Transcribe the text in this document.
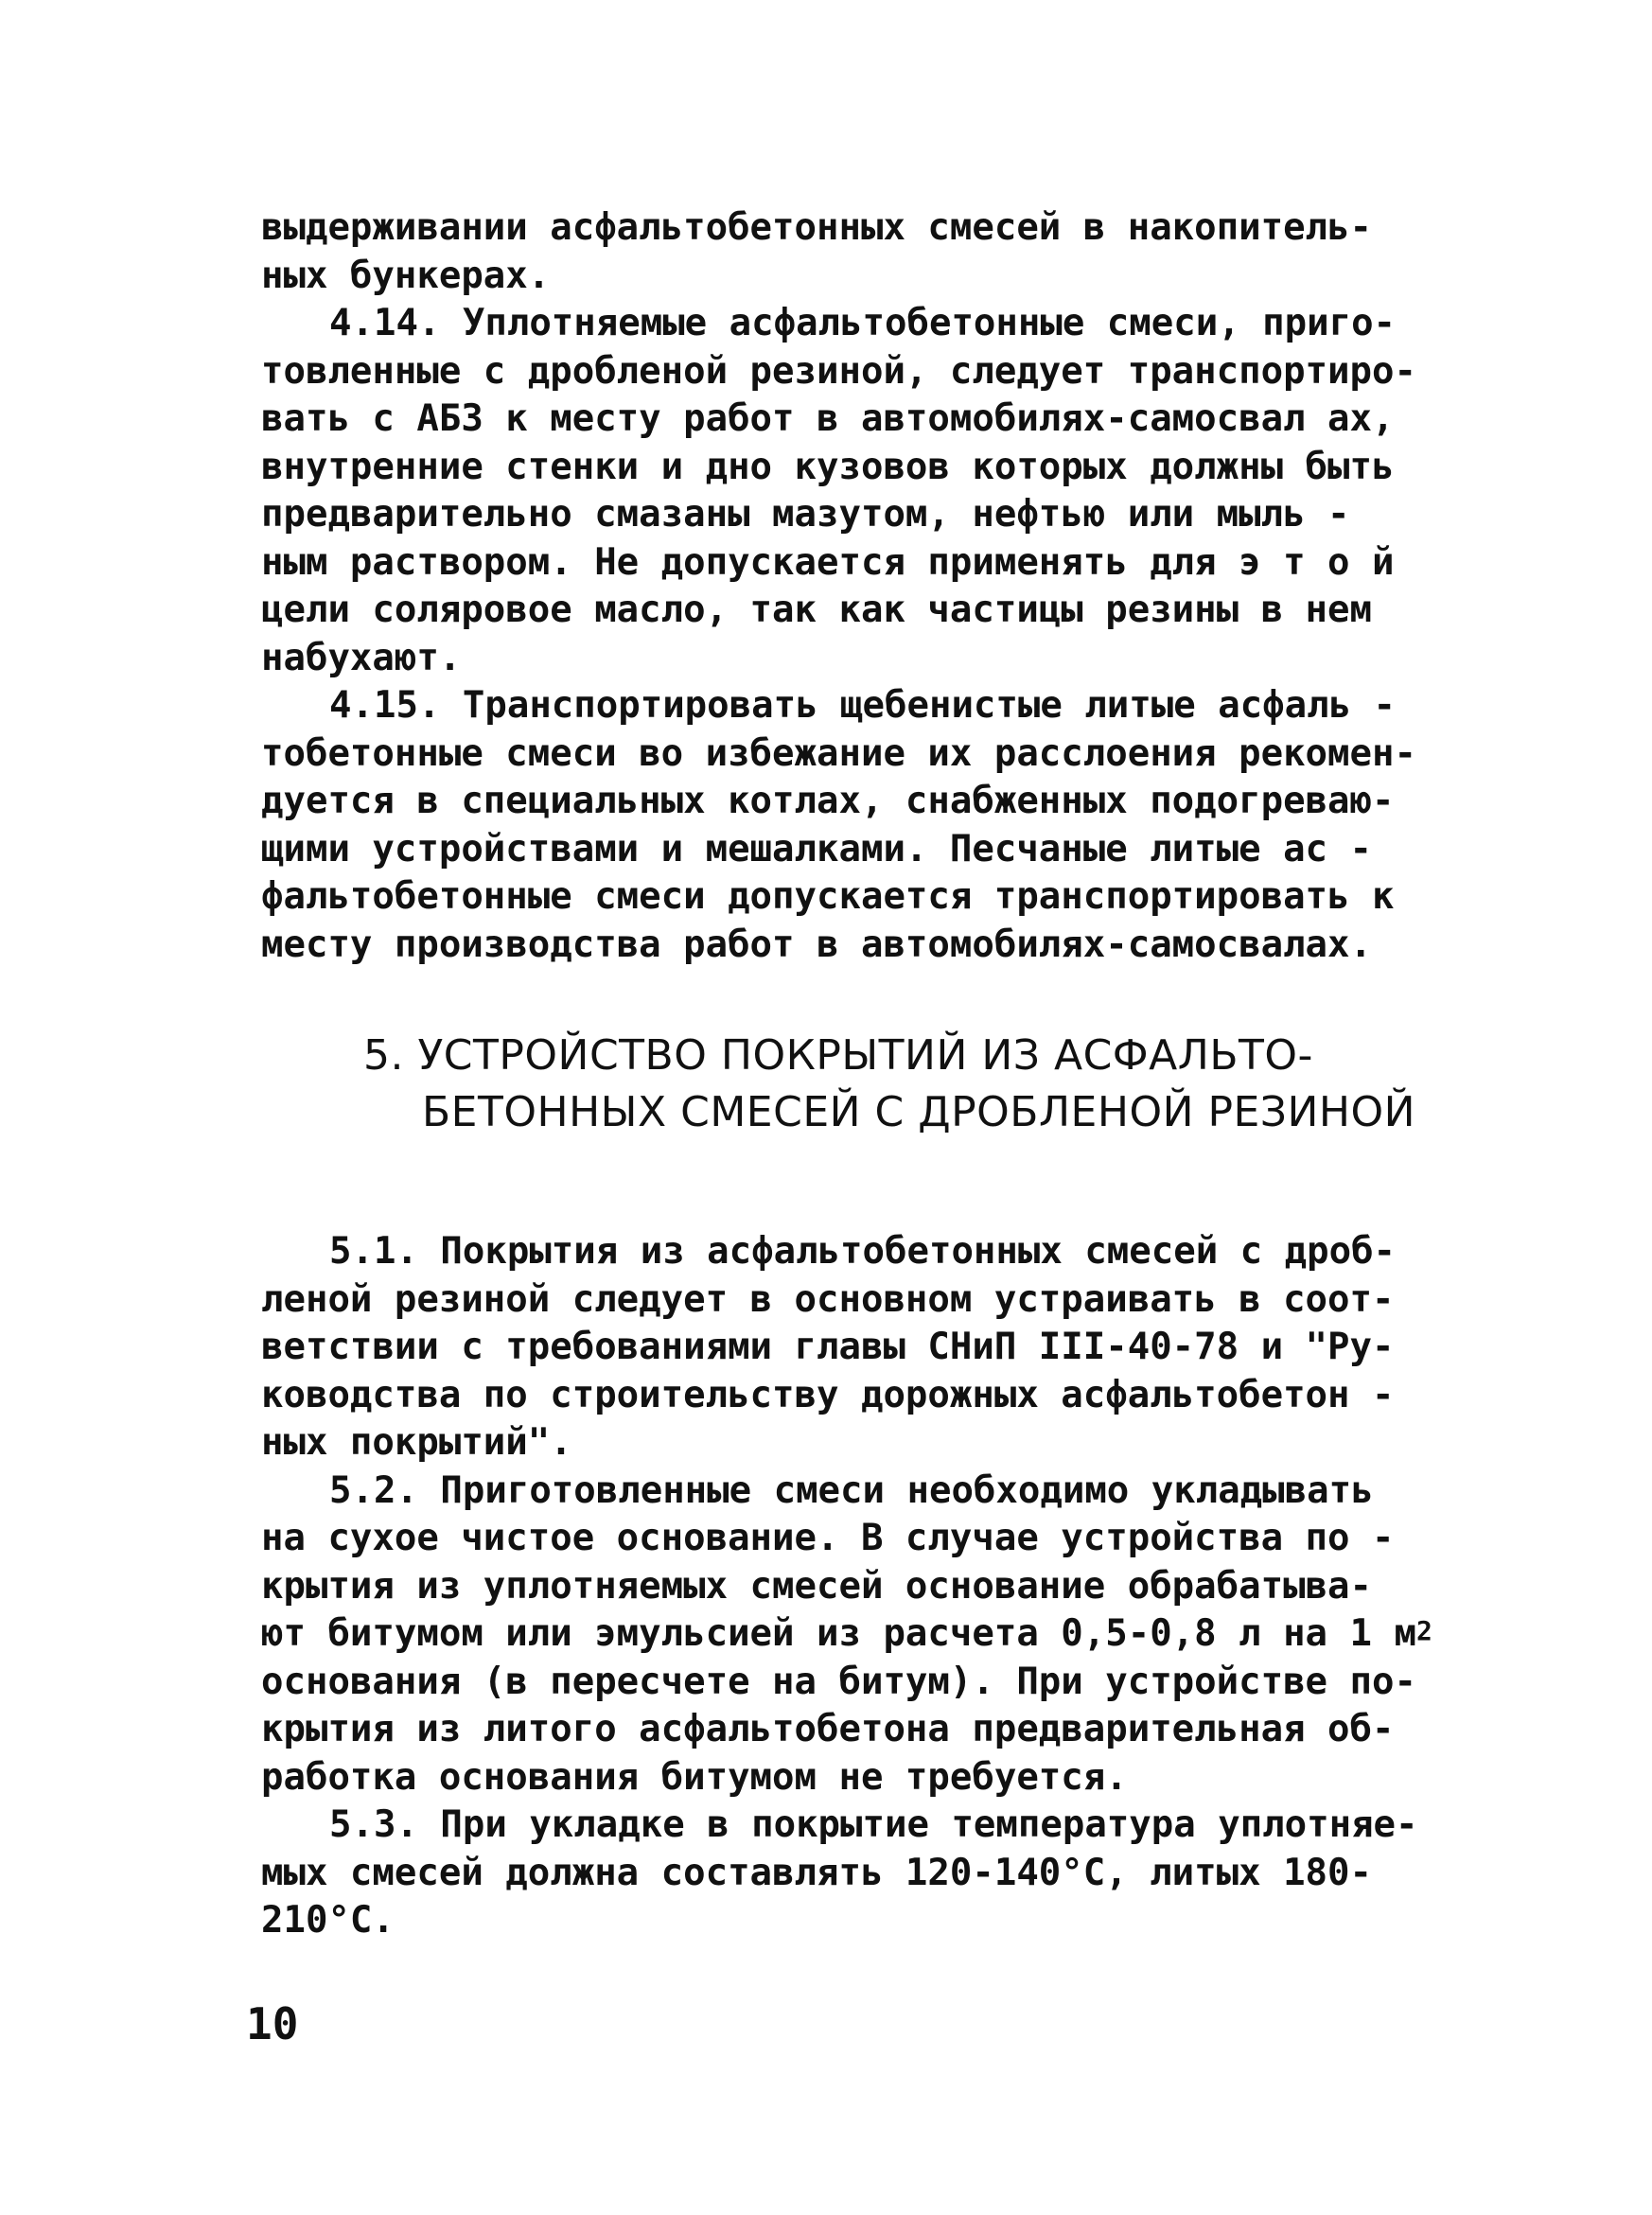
выдерживании асфальтобетонных смесей в накопитель-
ных бункерах.
4.14. Уплотняемые асфальтобетонные смеси, приго-
товленные с дробленой резиной, следует транспортиро-
вать с АБЗ к месту работ в автомобилях-самосвал ах,
внутренние стенки и дно кузовов которых должны быть
предварительно смазаны мазутом, нефтью или мыль -
ным раствором. Не допускается применять для э т о й
цели соляровое масло, так как частицы резины в нем
набухают.
4.15. Транспортировать щебенистые литые асфаль -
тобетонные смеси во избежание их расслоения рекомен-
дуется в специальных котлах, снабженных подогреваю-
щими устройствами и мешалками. Песчаные литые ас -
фальтобетонные смеси допускается транспортировать к
месту производства работ в автомобилях-самосвалах.
5. УСТРОЙСТВО ПОКРЫТИЙ ИЗ АСФАЛЬТО-
БЕТОННЫХ СМЕСЕЙ С ДРОБЛЕНОЙ РЕЗИНОЙ
5.1. Покрытия из асфальтобетонных смесей с дроб-
леной резиной следует в основном устраивать в соот-
ветствии с требованиями главы СНиП III-40-78 и "Ру-
ководства по строительству дорожных асфальтобетон -
ных покрытий".
5.2. Приготовленные смеси необходимо укладывать
на сухое чистое основание. В случае устройства по -
крытия из уплотняемых смесей основание обрабатыва-
ют битумом или эмульсией из расчета 0,5-0,8 л на 1 $м^2$
основания (в пересчете на битум). При устройстве по-
крытия из литого асфальтобетона предварительная об-
работка основания битумом не требуется.
5.3. При укладке в покрытие температура уплотняе-
мых смесей должна составлять 120-140°С, литых 180-
210°С.
10
